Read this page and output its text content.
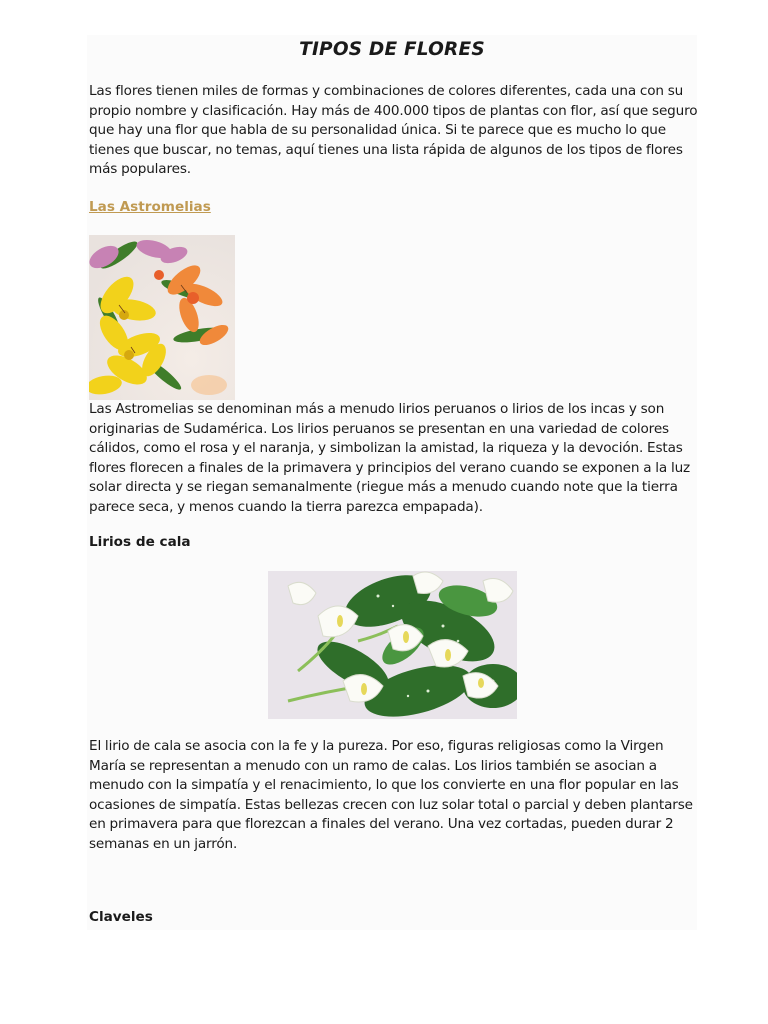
TIPOS DE FLORES

Las flores tienen miles de formas y combinaciones de colores diferentes, cada una con su propio nombre y clasificación. Hay más de 400.000 tipos de plantas con flor, así que seguro que hay una flor que habla de su personalidad única. Si te parece que es mucho lo que tienes que buscar, no temas, aquí tienes una lista rápida de algunos de los tipos de flores más populares.

Las Astromelias

Las Astromelias se denominan más a menudo lirios peruanos o lirios de los incas y son originarias de Sudamérica. Los lirios peruanos se presentan en una variedad de colores cálidos, como el rosa y el naranja, y simbolizan la amistad, la riqueza y la devoción. Estas flores florecen a finales de la primavera y principios del verano cuando se exponen a la luz solar directa y se riegan semanalmente (riegue más a menudo cuando note que la tierra parece seca, y menos cuando la tierra parezca empapada).

Lirios de cala

El lirio de cala se asocia con la fe y la pureza. Por eso, figuras religiosas como la Virgen María se representan a menudo con un ramo de calas. Los lirios también se asocian a menudo con la simpatía y el renacimiento, lo que los convierte en una flor popular en las ocasiones de simpatía. Estas bellezas crecen con luz solar total o parcial y deben plantarse en primavera para que florezcan a finales del verano. Una vez cortadas, pueden durar 2 semanas en un jarrón.

Claveles
